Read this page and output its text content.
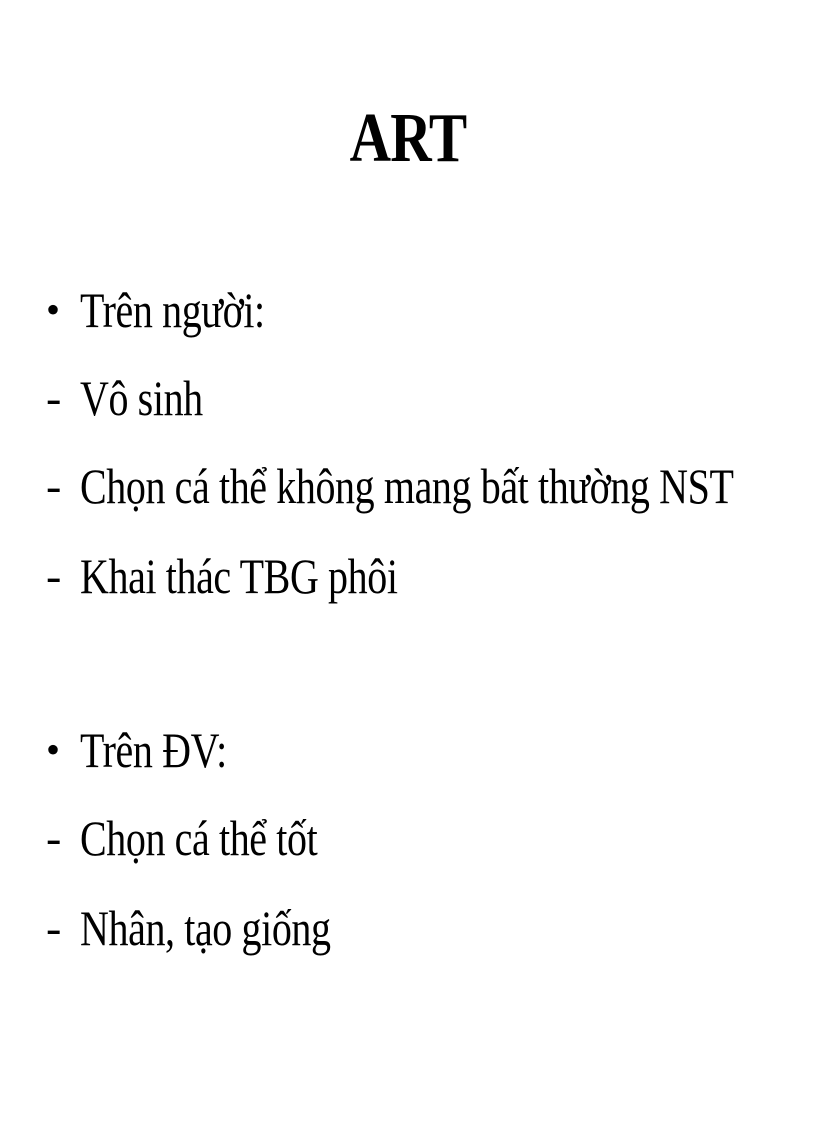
ART
• Trên người:
- Vô sinh
- Chọn cá thể không mang bất thường NST
- Khai thác TBG phôi
• Trên ĐV:
- Chọn cá thể tốt
- Nhân, tạo giống
